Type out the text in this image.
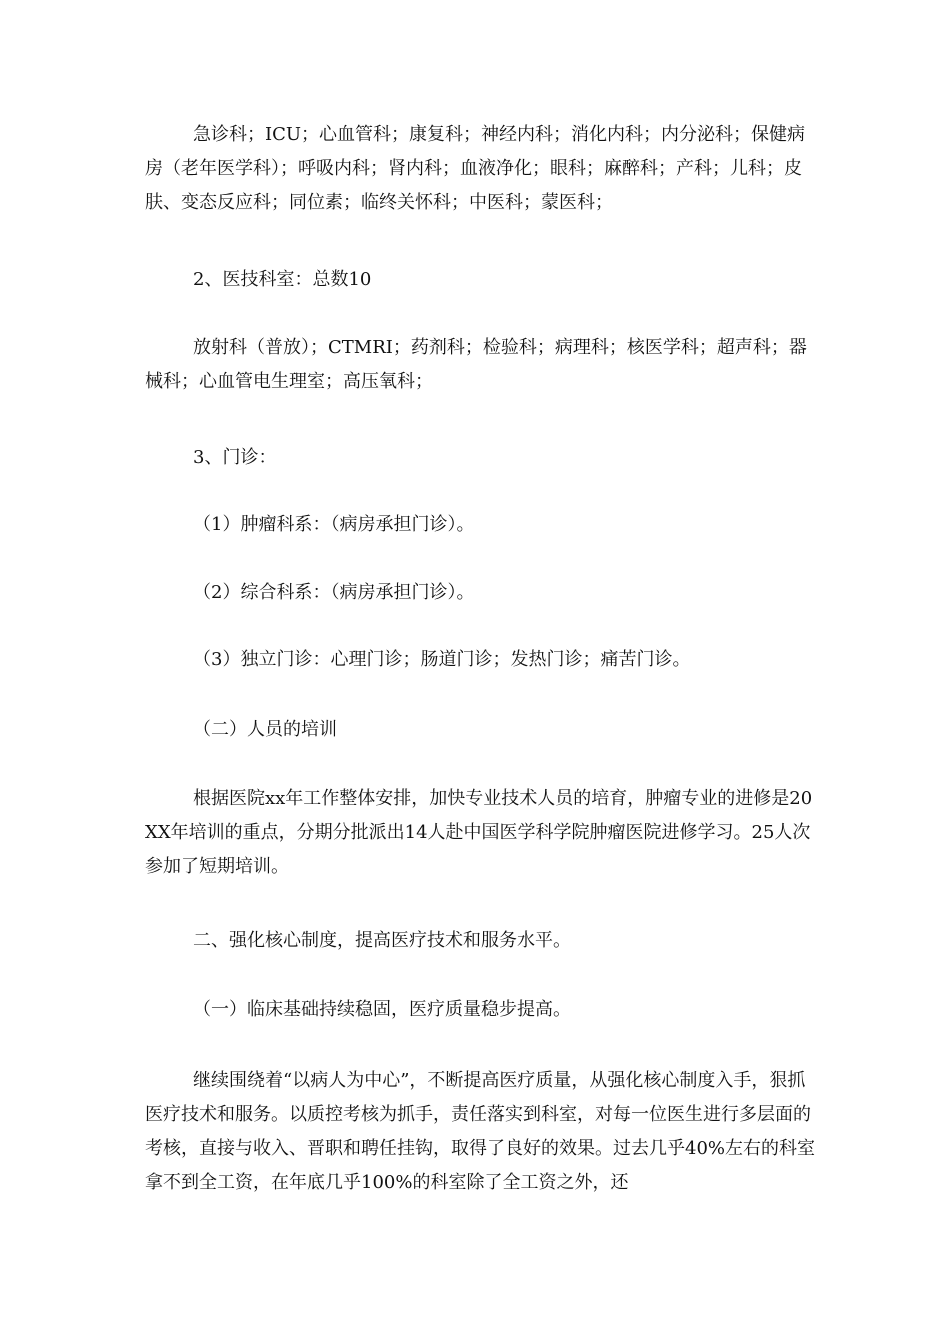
急诊科；ICU；心血管科；康复科；神经内科；消化内科；内分泌科；保健病房（老年医学科）；呼吸内科；肾内科；血液净化；眼科；麻醉科；产科；儿科；皮肤、变态反应科；同位素；临终关怀科；中医科；蒙医科；

2、医技科室：总数10

放射科（普放）；CTMRI；药剂科；检验科；病理科；核医学科；超声科；器械科；心血管电生理室；高压氧科；

3、门诊：

（1）肿瘤科系：（病房承担门诊）。

（2）综合科系：（病房承担门诊）。

（3）独立门诊：心理门诊；肠道门诊；发热门诊；痛苦门诊。

（二）人员的培训

根据医院xx年工作整体安排，加快专业技术人员的培育，肿瘤专业的进修是20XX年培训的重点，分期分批派出14人赴中国医学科学院肿瘤医院进修学习。25人次参加了短期培训。

二、强化核心制度，提高医疗技术和服务水平。

（一）临床基础持续稳固，医疗质量稳步提高。

继续围绕着“以病人为中心”，不断提高医疗质量，从强化核心制度入手，狠抓医疗技术和服务。以质控考核为抓手，责任落实到科室，对每一位医生进行多层面的考核，直接与收入、晋职和聘任挂钩，取得了良好的效果。过去几乎40%左右的科室拿不到全工资，在年底几乎100%的科室除了全工资之外，还
